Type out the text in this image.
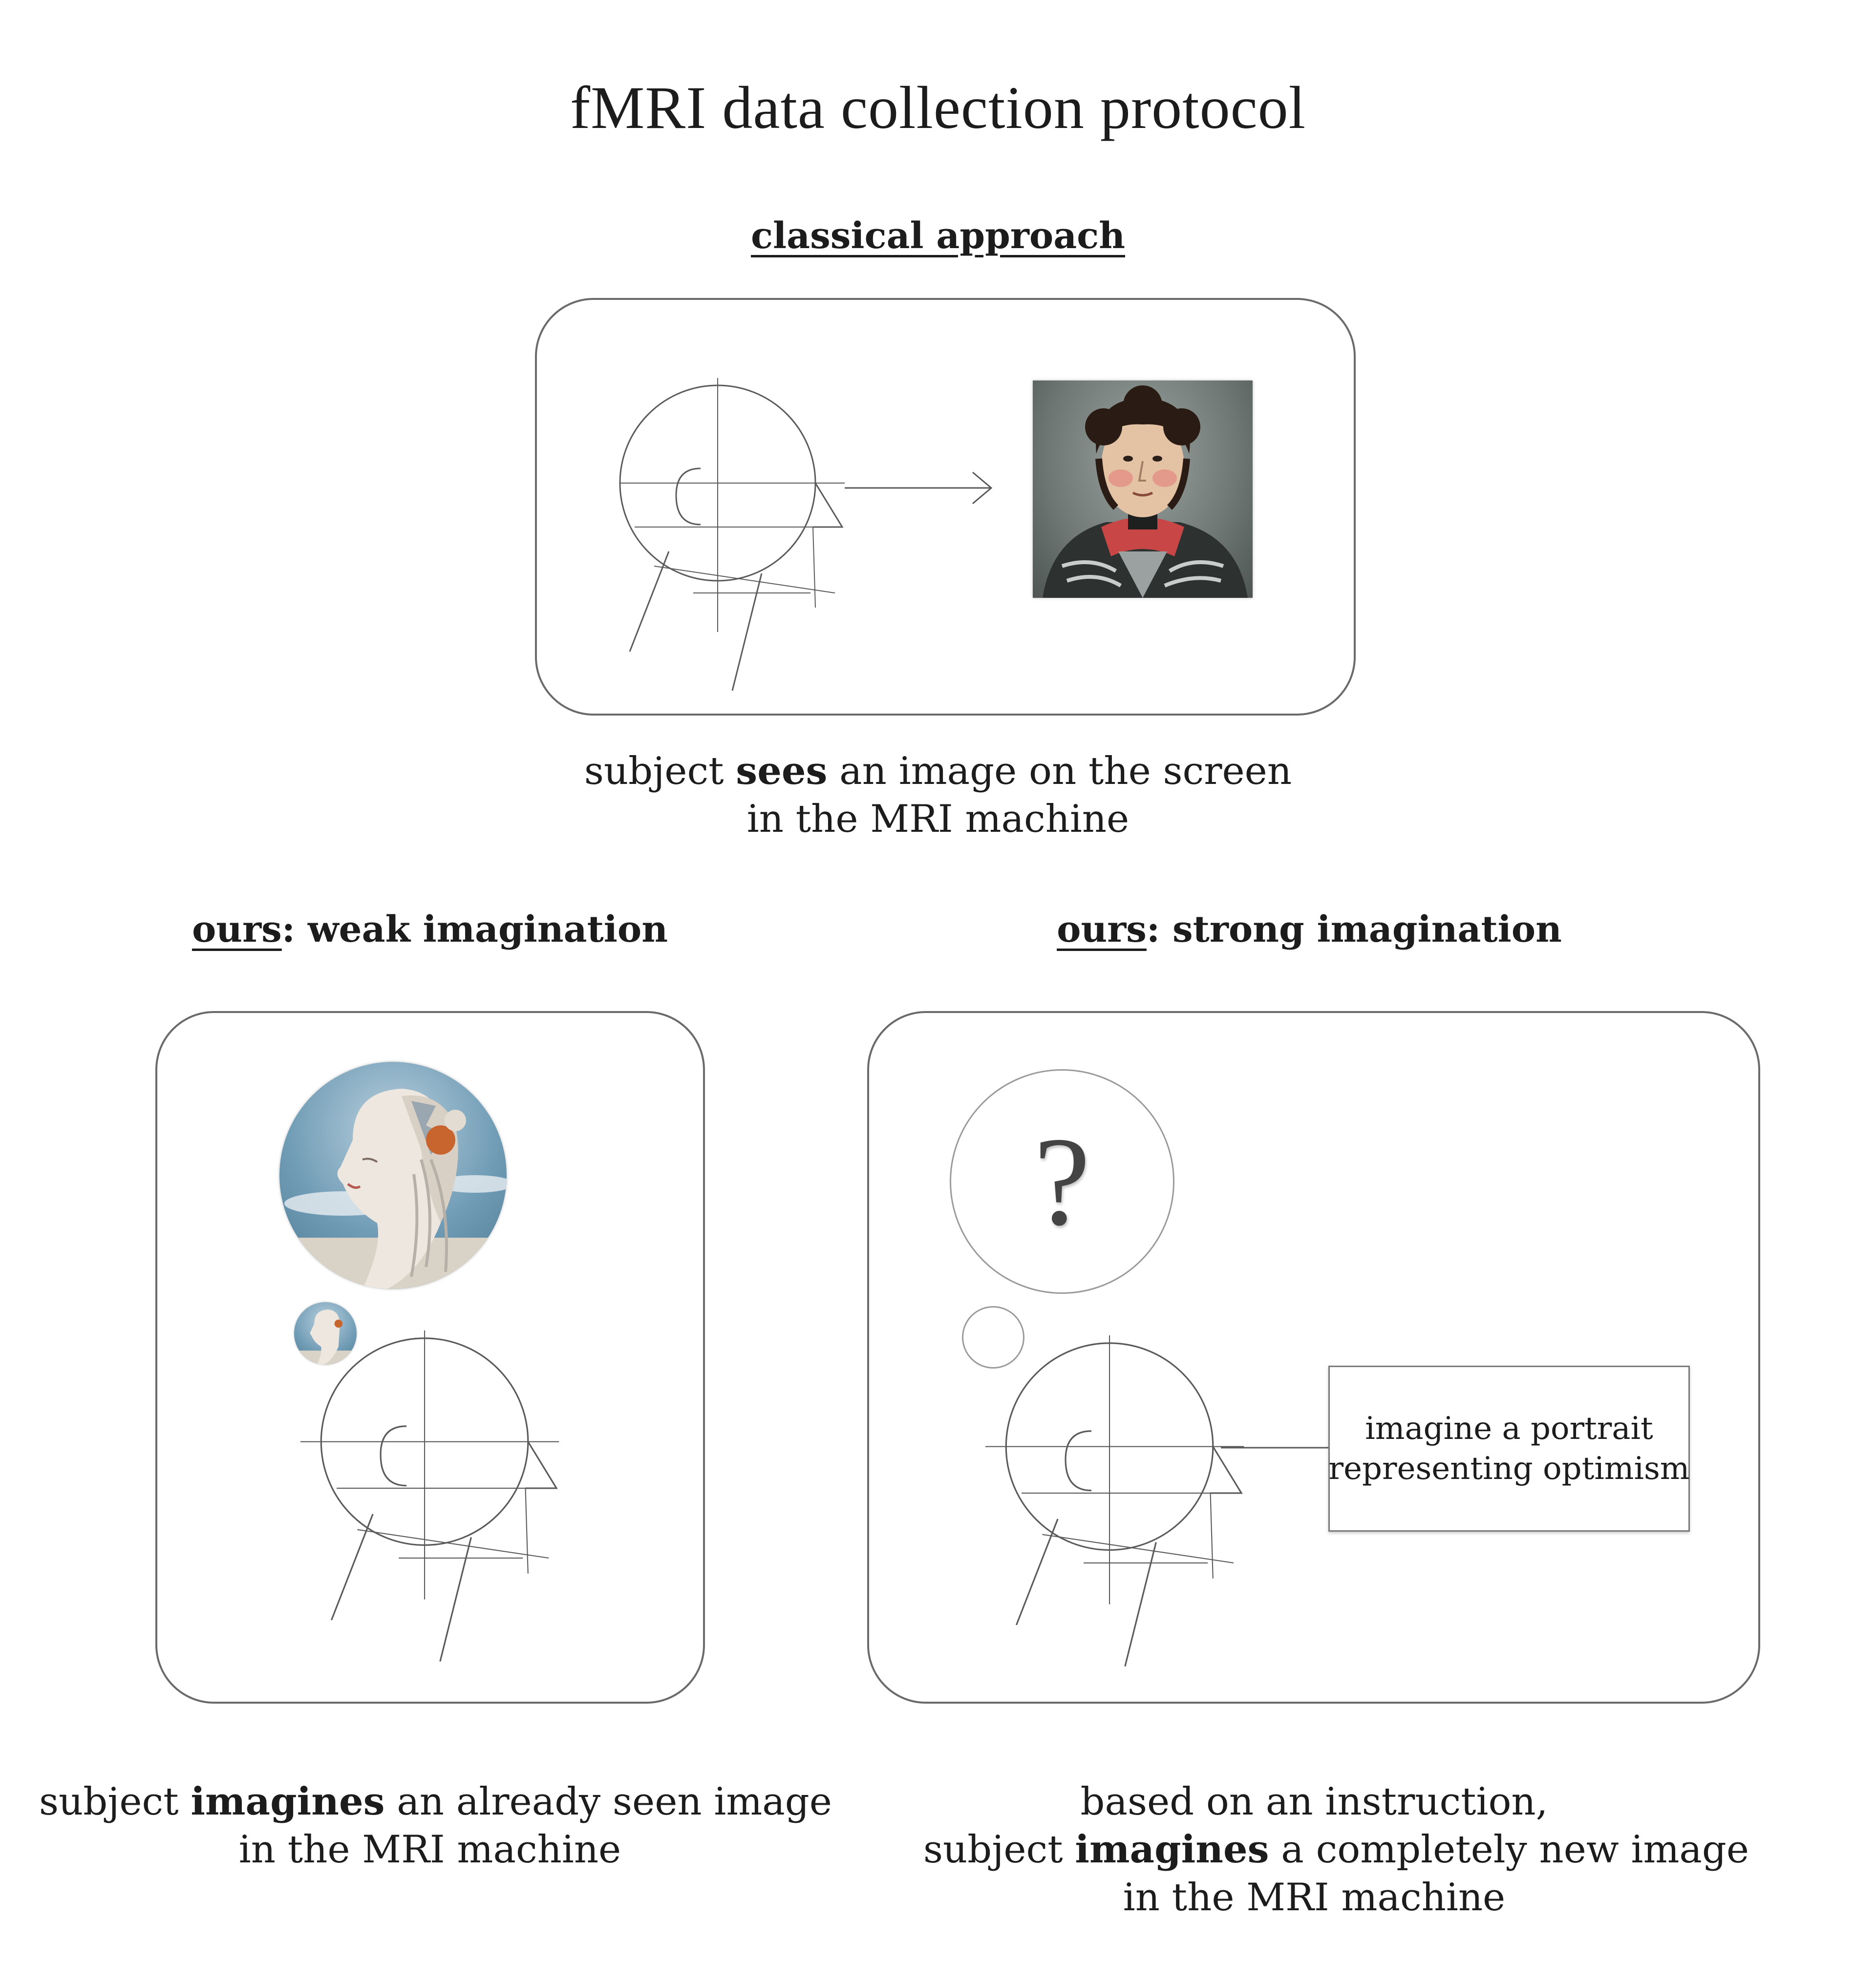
fMRI data collection protocol
classical approach
subject sees an image on the screen
in the MRI machine
ours: weak imagination
subject imagines an already seen image
in the MRI machine
ours: strong imagination
?
imagine a portrait
representing optimism
based on an instruction,
subject imagines a completely new image
in the MRI machine
